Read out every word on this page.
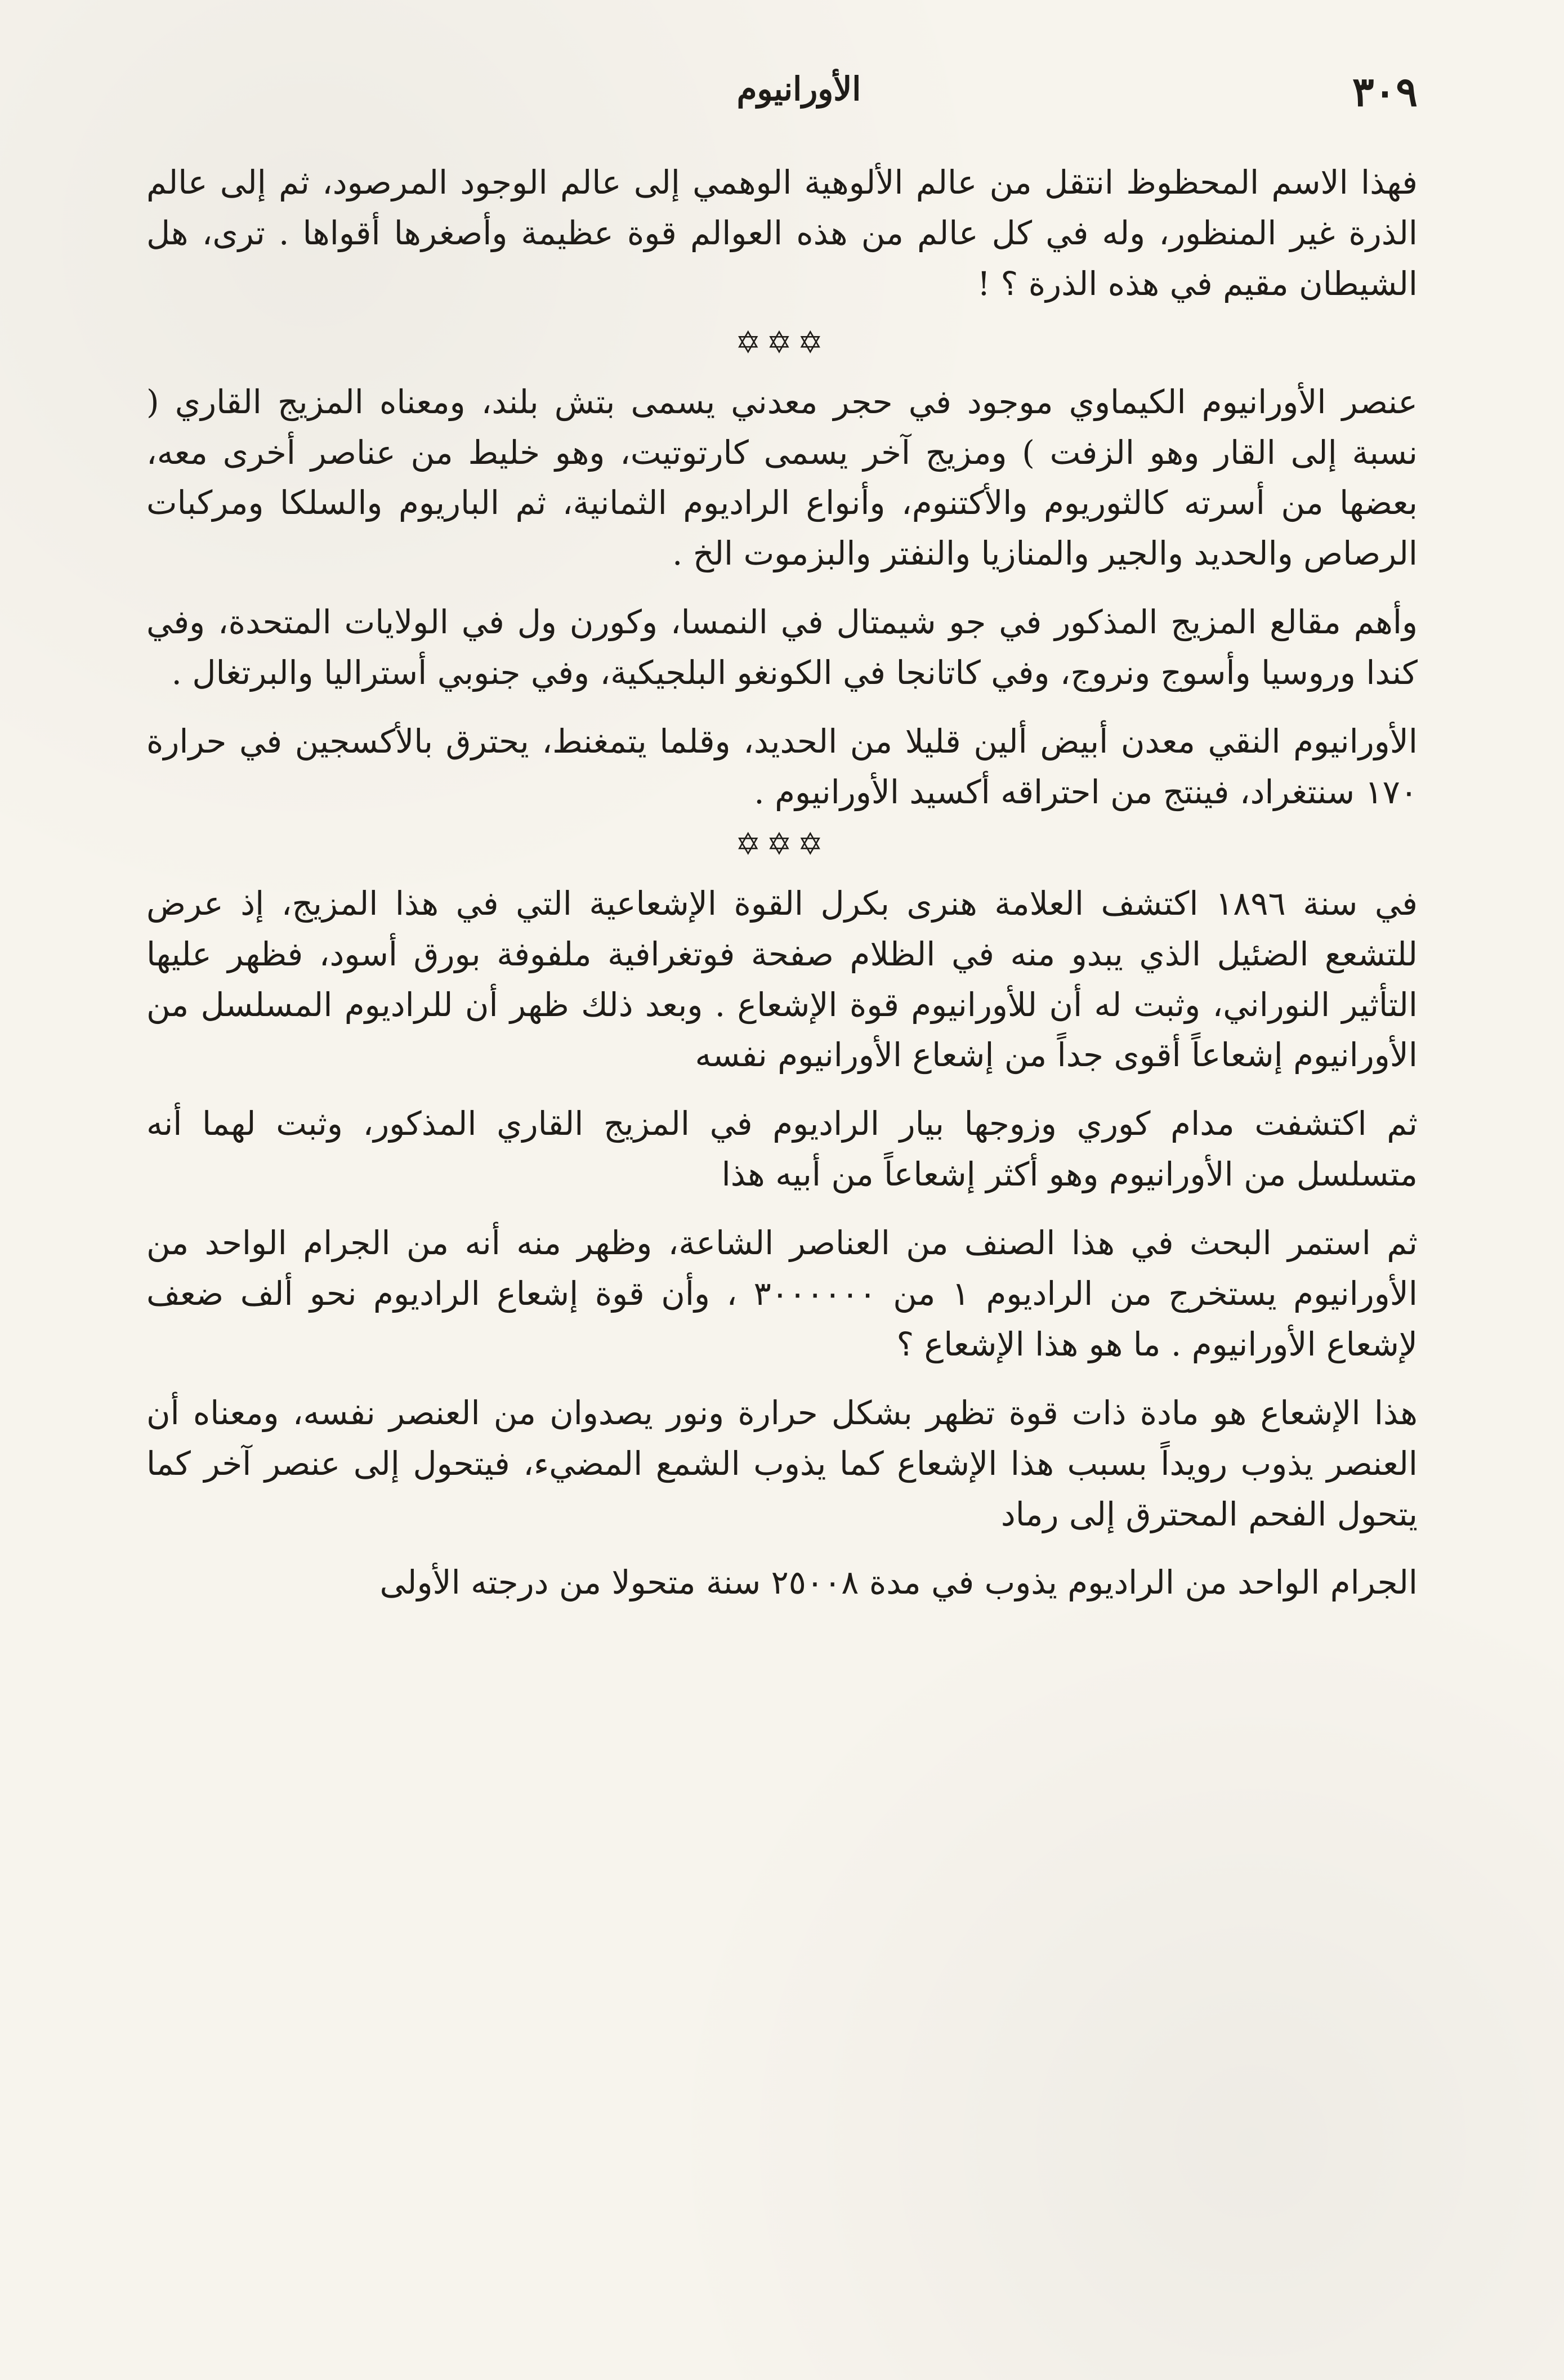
٣٠٩
الأورانيوم

فهذا الاسم المحظوظ انتقل من عالم الألوهية الوهمي إلى عالم الوجود المرصود، ثم إلى عالم الذرة غير المنظور، وله في كل عالم من هذه العوالم قوة عظيمة وأصغرها أقواها . ترى، هل الشيطان مقيم في هذه الذرة ؟ !

✡✡✡

عنصر الأورانيوم الكيماوي موجود في حجر معدني يسمى بتش بلند، ومعناه المزيج القاري ( نسبة إلى القار وهو الزفت ) ومزيج آخر يسمى كارتوتيت، وهو خليط من عناصر أخرى معه، بعضها من أسرته كالثوريوم والأكتنوم، وأنواع الراديوم الثمانية، ثم الباريوم والسلكا ومركبات الرصاص والحديد والجير والمنازيا والنفتر والبزموت الخ .

وأهم مقالع المزيج المذكور في جو شيمتال في النمسا، وكورن ول في الولايات المتحدة، وفي كندا وروسيا وأسوج ونروج، وفي كاتانجا في الكونغو البلجيكية، وفي جنوبي أستراليا والبرتغال .

الأورانيوم النقي معدن أبيض ألين قليلا من الحديد، وقلما يتمغنط، يحترق بالأكسجين في حرارة ١٧٠ سنتغراد، فينتج من احتراقه أكسيد الأورانيوم .

✡✡✡

في سنة ١٨٩٦ اكتشف العلامة هنرى بكرل القوة الإشعاعية التي في هذا المزيج، إذ عرض للتشعع الضئيل الذي يبدو منه في الظلام صفحة فوتغرافية ملفوفة بورق أسود، فظهر عليها التأثير النوراني، وثبت له أن للأورانيوم قوة الإشعاع . وبعد ذلك ظهر أن للراديوم المسلسل من الأورانيوم إشعاعاً أقوى جداً من إشعاع الأورانيوم نفسه

ثم اكتشفت مدام كوري وزوجها بيار الراديوم في المزيج القاري المذكور، وثبت لهما أنه متسلسل من الأورانيوم وهو أكثر إشعاعاً من أبيه هذا

ثم استمر البحث في هذا الصنف من العناصر الشاعة، وظهر منه أنه من الجرام الواحد من الأورانيوم يستخرج من الراديوم ١ من ٣٠٠٠٠٠٠ ، وأن قوة إشعاع الراديوم نحو ألف ضعف لإشعاع الأورانيوم . ما هو هذا الإشعاع ؟

هذا الإشعاع هو مادة ذات قوة تظهر بشكل حرارة ونور يصدوان من العنصر نفسه، ومعناه أن العنصر يذوب رويداً بسبب هذا الإشعاع كما يذوب الشمع المضيء، فيتحول إلى عنصر آخر كما يتحول الفحم المحترق إلى رماد

الجرام الواحد من الراديوم يذوب في مدة ٢٥٠٠٨ سنة متحولا من درجته الأولى
